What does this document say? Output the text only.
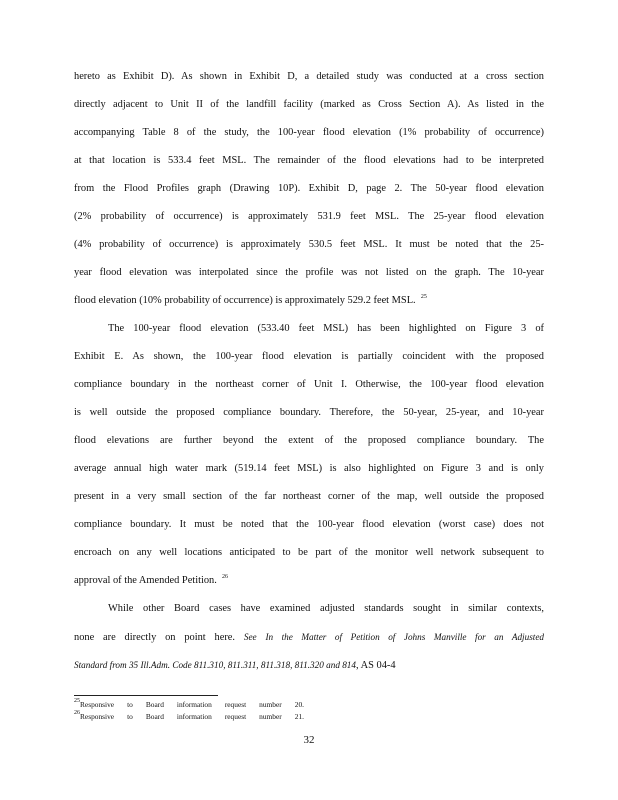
hereto as Exhibit D). As shown in Exhibit D, a detailed study was conducted at a cross section
directly adjacent to Unit II of the landfill facility (marked as Cross Section A). As listed in the
accompanying Table 8 of the study, the 100-year flood elevation (1% probability of occurrence)
at that location is 533.4 feet MSL. The remainder of the flood elevations had to be interpreted
from the Flood Profiles graph (Drawing 10P). Exhibit D, page 2. The 50-year flood elevation
(2% probability of occurrence) is approximately 531.9 feet MSL. The 25-year flood elevation
(4% probability of occurrence) is approximately 530.5 feet MSL. It must be noted that the 25-
year flood elevation was interpolated since the profile was not listed on the graph. The 10-year
flood elevation (10% probability of occurrence) is approximately 529.2 feet MSL. $^{25}$
The 100-year flood elevation (533.40 feet MSL) has been highlighted on Figure 3 of
Exhibit E. As shown, the 100-year flood elevation is partially coincident with the proposed
compliance boundary in the northeast corner of Unit I. Otherwise, the 100-year flood elevation
is well outside the proposed compliance boundary. Therefore, the 50-year, 25-year, and 10-year
flood elevations are further beyond the extent of the proposed compliance boundary. The
average annual high water mark (519.14 feet MSL) is also highlighted on Figure 3 and is only
present in a very small section of the far northeast corner of the map, well outside the proposed
compliance boundary. It must be noted that the 100-year flood elevation (worst case) does not
encroach on any well locations anticipated to be part of the monitor well network subsequent to
approval of the Amended Petition. $^{26}$
While other Board cases have examined adjusted standards sought in similar contexts,
none are directly on point here. See In the Matter of Petition of Johns Manville for an Adjusted
Standard from 35 Ill.Adm. Code 811.310, 811.311, 811.318, 811.320 and 814, AS 04-4
$^{25}$Responsive to Board information request number 20.
$^{26}$Responsive to Board information request number 21.
32
